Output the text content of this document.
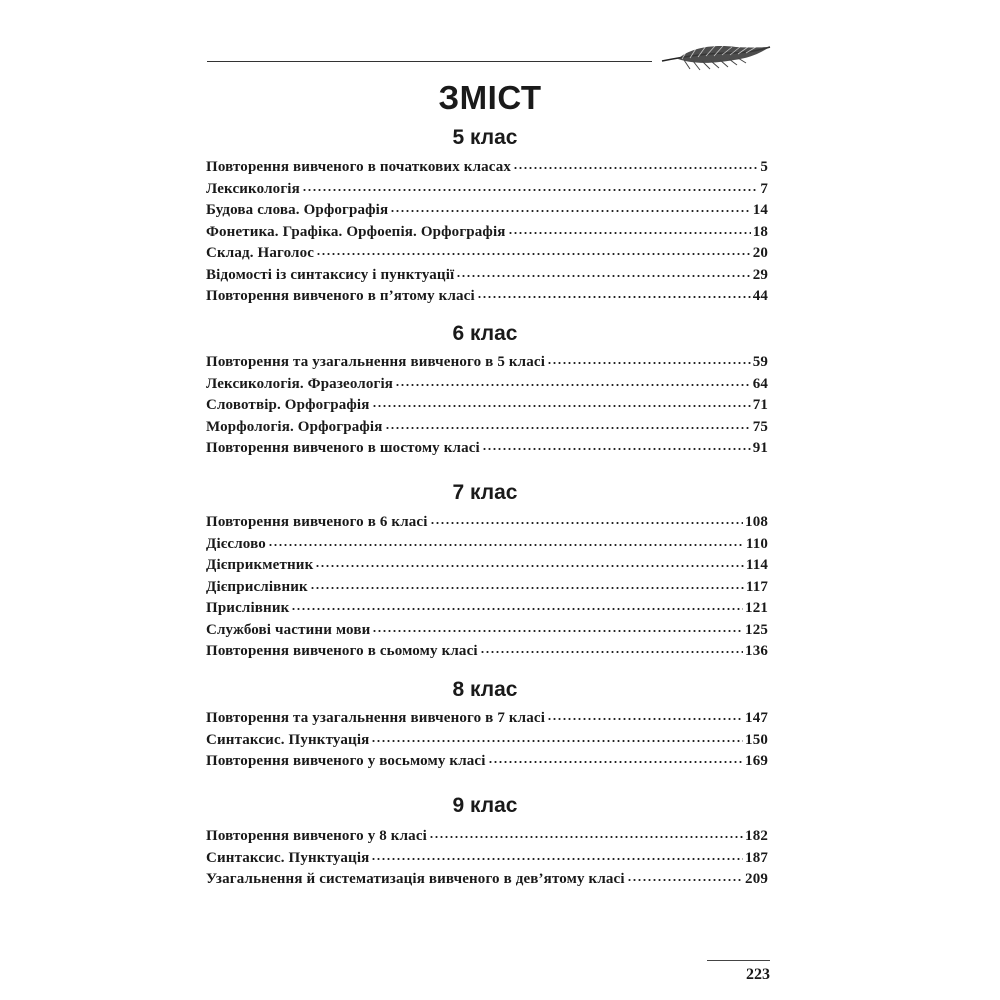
ЗМІСТ
5 клас
Повторення вивченого в початкових класах	5
Лексикологія	7
Будова слова. Орфографія	14
Фонетика. Графіка. Орфоепія. Орфографія	18
Склад. Наголос	20
Відомості із синтаксису і пунктуації	29
Повторення вивченого в п’ятому класі	44
6 клас
Повторення та узагальнення вивченого в 5 класі	59
Лексикологія. Фразеологія	64
Словотвір. Орфографія	71
Морфологія. Орфографія	75
Повторення вивченого в шостому класі	91
7 клас
Повторення вивченого в 6 класі	108
Дієслово	110
Дієприкметник	114
Дієприслівник	117
Прислівник	121
Службові частини мови	125
Повторення вивченого в сьомому класі	136
8 клас
Повторення та узагальнення вивченого в 7 класі	147
Синтаксис. Пунктуація	150
Повторення вивченого у восьмому класі	169
9 клас
Повторення вивченого у 8 класі	182
Синтаксис. Пунктуація	187
Узагальнення й систематизація вивченого в дев’ятому класі	209

223
